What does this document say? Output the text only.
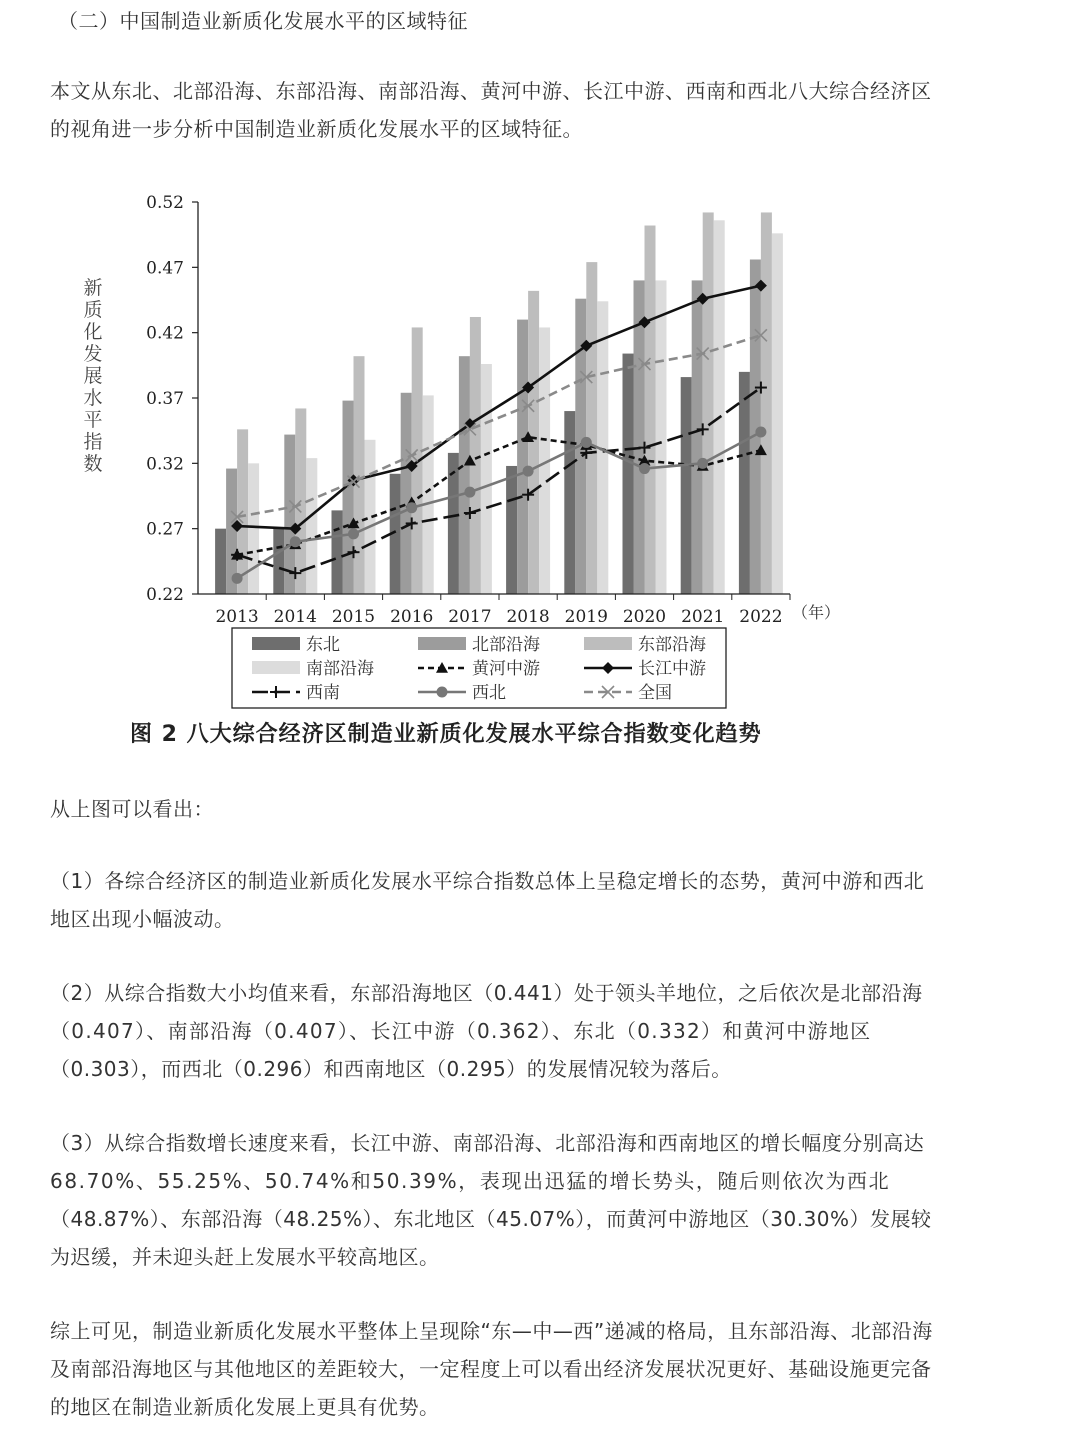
（二）中国制造业新质化发展水平的区域特征

本文从东北、北部沿海、东部沿海、南部沿海、黄河中游、长江中游、西南和西北八大综合经济区

的视角进一步分析中国制造业新质化发展水平的区域特征。

新
质
化
发
展
水
平
指
数
0.22
0.27
0.32
0.37
0.42
0.47
0.52
2013 2014 2015 2016 2017 2018 2019 2020 2021 2022 （年）
东北	北部沿海	东部沿海
南部沿海	黄河中游	长江中游
西南	西北	全国
图 2 八大综合经济区制造业新质化发展水平综合指数变化趋势

从上图可以看出：

（1）各综合经济区的制造业新质化发展水平综合指数总体上呈稳定增长的态势，黄河中游和西北

地区出现小幅波动。

（2）从综合指数大小均值来看，东部沿海地区（0.441）处于领头羊地位，之后依次是北部沿海

（0.407）、南部沿海（0.407）、长江中游（0.362）、东北（0.332）和黄河中游地区

（0.303），而西北（0.296）和西南地区（0.295）的发展情况较为落后。

（3）从综合指数增长速度来看，长江中游、南部沿海、北部沿海和西南地区的增长幅度分别高达

68.70%、55.25%、50.74%和50.39%，表现出迅猛的增长势头，随后则依次为西北

（48.87%）、东部沿海（48.25%）、东北地区（45.07%），而黄河中游地区（30.30%）发展较

为迟缓，并未迎头赶上发展水平较高地区。

综上可见，制造业新质化发展水平整体上呈现除“东—中—西”递减的格局，且东部沿海、北部沿海

及南部沿海地区与其他地区的差距较大，一定程度上可以看出经济发展状况更好、基础设施更完备

的地区在制造业新质化发展上更具有优势。
